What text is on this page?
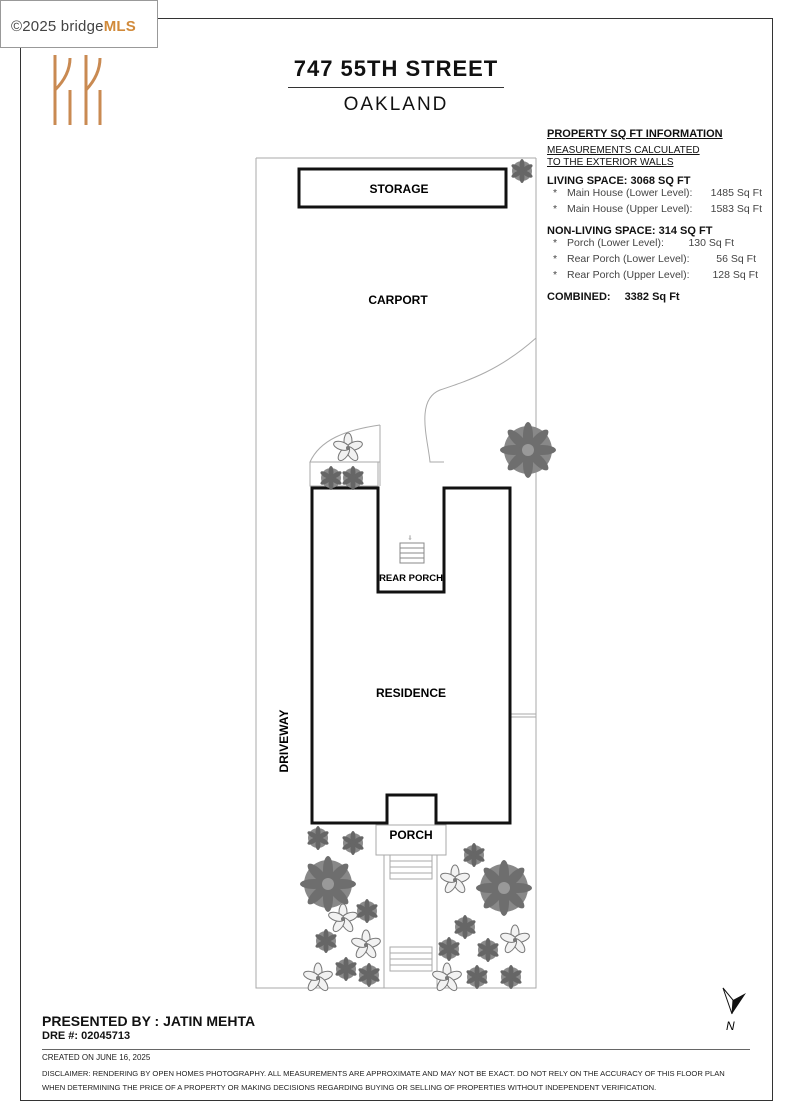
©2025 bridgeMLS
747 55TH STREET
OAKLAND
PROPERTY SQ FT INFORMATION
MEASUREMENTS CALCULATED
TO THE EXTERIOR WALLS
LIVING SPACE: 3068 SQ FT
* Main House (Lower Level): 1485 Sq Ft
* Main House (Upper Level): 1583 Sq Ft
NON-LIVING SPACE: 314 SQ FT
* Porch (Lower Level): 130 Sq Ft
* Rear Porch (Lower Level):	56 Sq Ft
* Rear Porch (Upper Level): 128 Sq Ft
COMBINED: 3382 Sq Ft
STORAGE
CARPORT
⇩
REAR PORCH
RESIDENCE
DRIVEWAY
PORCH
N
PRESENTED BY : JATIN MEHTA
DRE #: 02045713
CREATED ON JUNE 16, 2025
DISCLAIMER: RENDERING BY OPEN HOMES PHOTOGRAPHY. ALL MEASUREMENTS ARE APPROXIMATE AND MAY NOT BE EXACT. DO NOT RELY ON THE ACCURACY OF THIS FLOOR PLAN WHEN DETERMINING THE PRICE OF A PROPERTY OR MAKING DECISIONS REGARDING BUYING OR SELLING OF PROPERTIES WITHOUT INDEPENDENT VERIFICATION.
